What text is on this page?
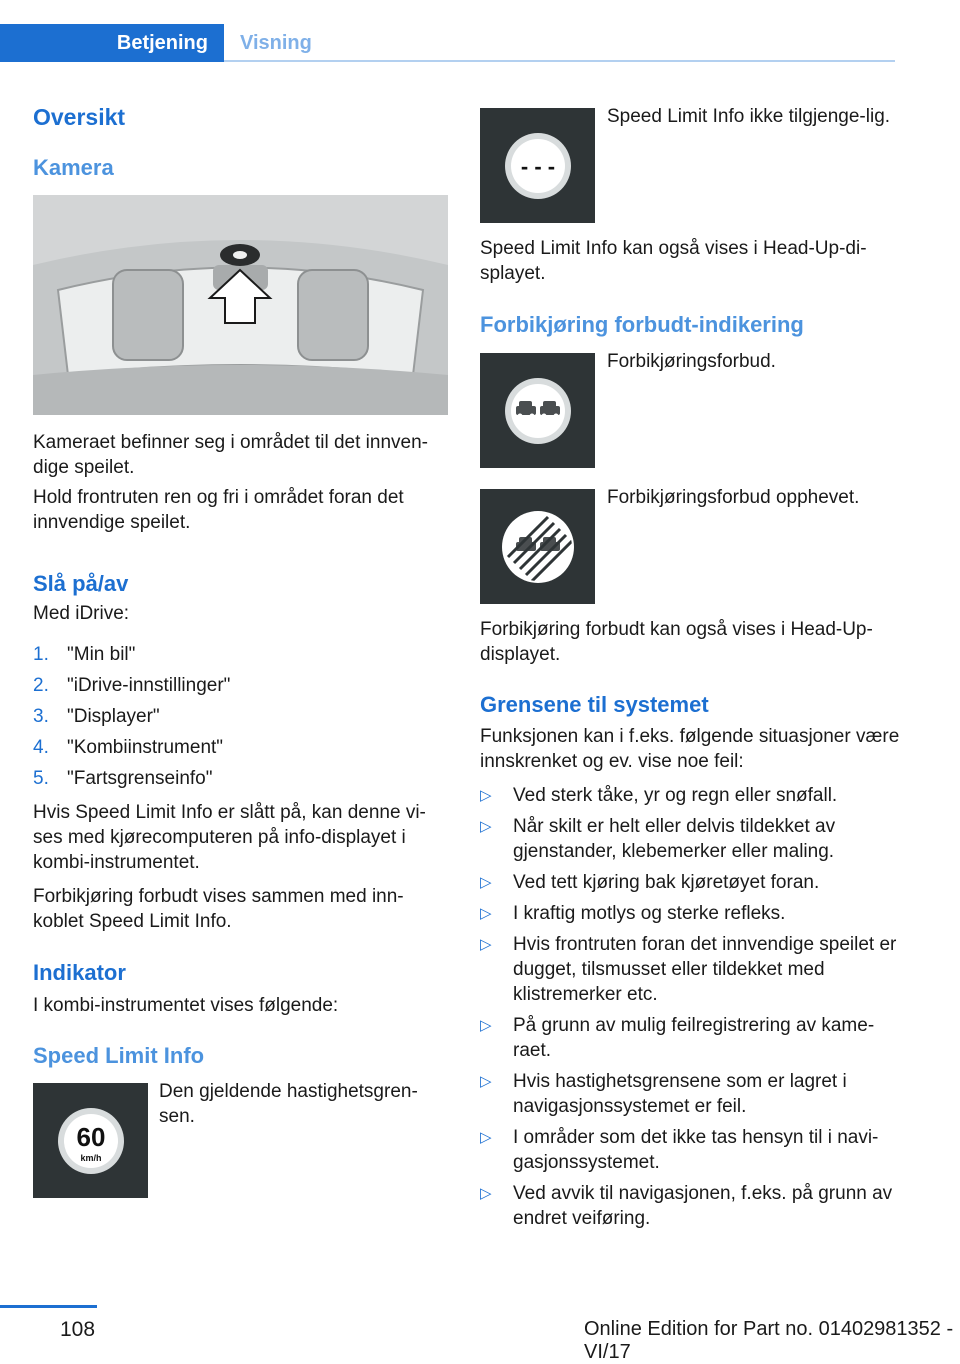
Betjening	Visning
Oversikt
Kamera

Kameraet befinner seg i området til det innven-dige speilet.

Hold frontruten ren og fri i området foran det innvendige speilet.

Slå på/av

Med iDrive:

1. "Min bil"
2. "iDrive-innstillinger"
3. "Displayer"
4. "Kombiinstrument"
5. "Fartsgrenseinfo"

Hvis Speed Limit Info er slått på, kan denne vi-ses med kjørecomputeren på info-displayet i kombi-instrumentet.

Forbikjøring forbudt vises sammen med inn-koblet Speed Limit Info.

Indikator

I kombi-instrumentet vises følgende:

Speed Limit Info
60
km/h

Den gjeldende hastighetsgren-sen.

- - -

Speed Limit Info ikke tilgjenge-lig.

Speed Limit Info kan også vises i Head-Up-di-splayet.

Forbikjøring forbudt-indikering

Forbikjøringsforbud.

Forbikjøringsforbud opphevet.

Forbikjøring forbudt kan også vises i Head-Up-displayet.

Grensene til systemet

Funksjonen kan i f.eks. følgende situasjoner være innskrenket og ev. vise noe feil:

▷ Ved sterk tåke, yr og regn eller snøfall.
▷ Når skilt er helt eller delvis tildekket av gjenstander, klebemerker eller maling.
▷ Ved tett kjøring bak kjøretøyet foran.
▷ I kraftig motlys og sterke refleks.
▷ Hvis frontruten foran det innvendige speilet er dugget, tilsmusset eller tildekket med klistremerker etc.
▷ På grunn av mulig feilregistrering av kame-raet.
▷ Hvis hastighetsgrensene som er lagret i navigasjonssystemet er feil.
▷ I områder som det ikke tas hensyn til i navi-gasjonssystemet.
▷ Ved avvik til navigasjonen, f.eks. på grunn av endret veiføring.
108	Online Edition for Part no. 01402981352 - VI/17
